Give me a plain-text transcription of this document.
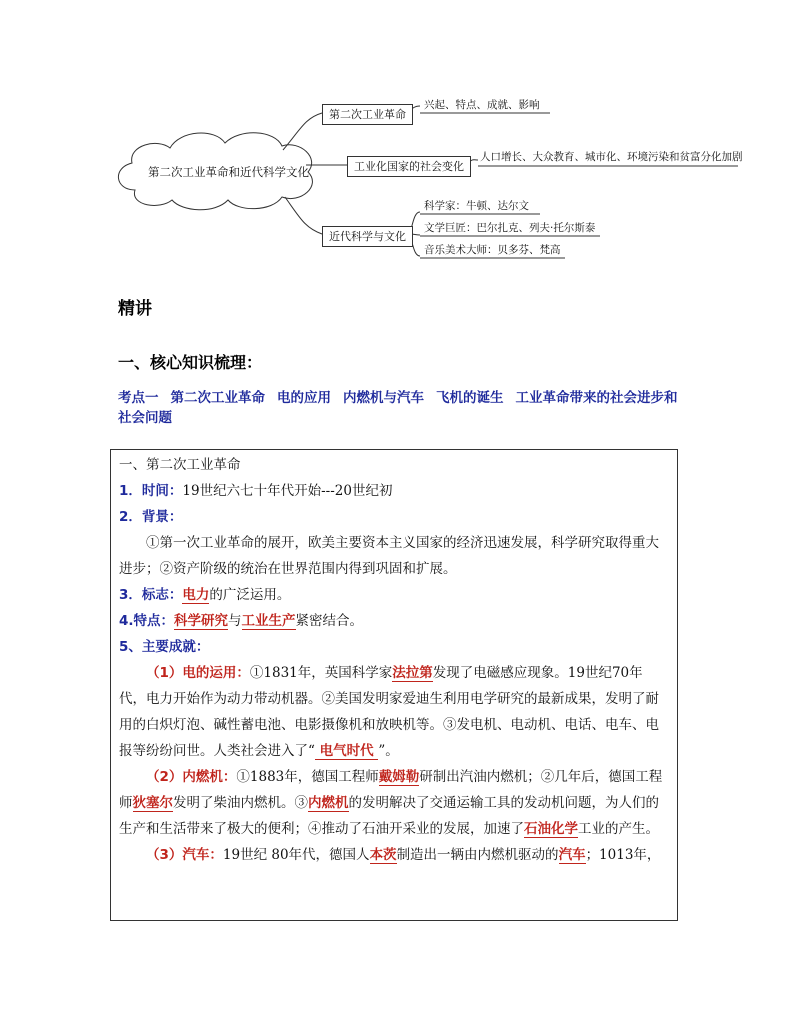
第二次工业革命和近代科学文化
第二次工业革命
兴起、特点、成就、影响
工业化国家的社会变化
人口增长、大众教育、城市化、环境污染和贫富分化加剧
近代科学与文化
科学家：牛顿、达尔文
文学巨匠：巴尔扎克、列夫·托尔斯泰
音乐美术大师：贝多芬、梵高
精讲
一、核心知识梳理：
考点一 第二次工业革命 电的应用 内燃机与汽车 飞机的诞生 工业革命带来的社会进步和社会问题

一、第二次工业革命

1．时间：19世纪六七十年代开始---20世纪初

2．背景：

①第一次工业革命的展开，欧美主要资本主义国家的经济迅速发展，科学研究取得重大进步；②资产阶级的统治在世界范围内得到巩固和扩展。

3．标志：电力的广泛运用。

4.特点：科学研究与工业生产紧密结合。

5、主要成就：

（1）电的运用：①1831年，英国科学家法拉第发现了电磁感应现象。19世纪70年代，电力开始作为动力带动机器。②美国发明家爱迪生利用电学研究的最新成果，发明了耐用的白炽灯泡、碱性蓄电池、电影摄像机和放映机等。③发电机、电动机、电话、电车、电报等纷纷问世。人类社会进入了“ 电气时代 ”。

（2）内燃机：①1883年，德国工程师戴姆勒研制出汽油内燃机；②几年后，德国工程师狄塞尔发明了柴油内燃机。③内燃机的发明解决了交通运输工具的发动机问题，为人们的生产和生活带来了极大的便利；④推动了石油开采业的发展，加速了石油化学工业的产生。

（3）汽车：19世纪 80年代，德国人本茨制造出一辆由内燃机驱动的汽车；1013年，
